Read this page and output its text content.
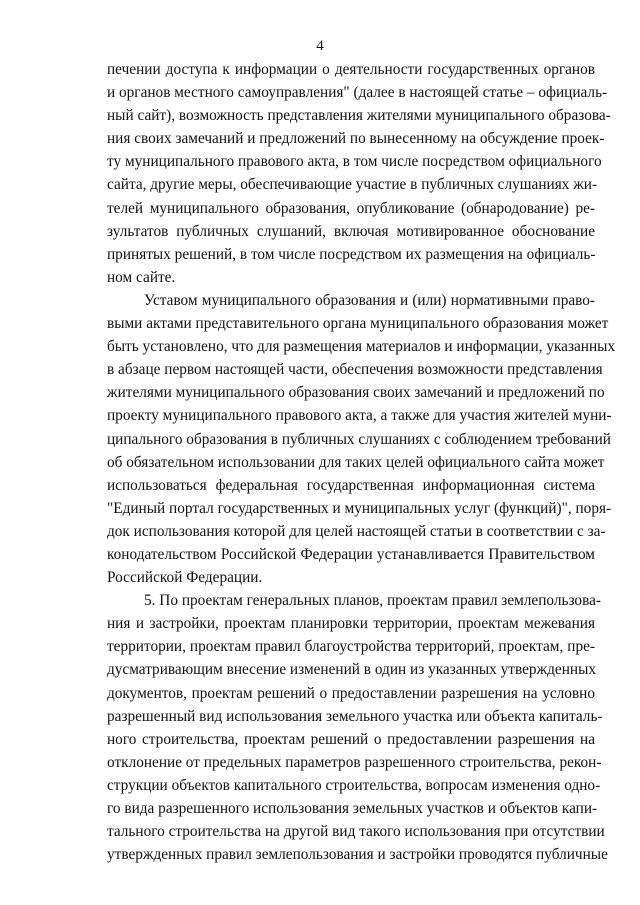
4
печении доступа к информации о деятельности государственных органов
и органов местного самоуправления" (далее в настоящей статье – официаль-
ный сайт), возможность представления жителями муниципального образова-
ния своих замечаний и предложений по вынесенному на обсуждение проек-
ту муниципального правового акта, в том числе посредством официального
сайта, другие меры, обеспечивающие участие в публичных слушаниях жи-
телей муниципального образования, опубликование (обнародование) ре-
зультатов публичных слушаний, включая мотивированное обоснование
принятых решений, в том числе посредством их размещения на официаль-
ном сайте.
Уставом муниципального образования и (или) нормативными право-
выми актами представительного органа муниципального образования может
быть установлено, что для размещения материалов и информации, указанных
в абзаце первом настоящей части, обеспечения возможности представления
жителями муниципального образования своих замечаний и предложений по
проекту муниципального правового акта, а также для участия жителей муни-
ципального образования в публичных слушаниях с соблюдением требований
об обязательном использовании для таких целей официального сайта может
использоваться федеральная государственная информационная система
"Единый портал государственных и муниципальных услуг (функций)", поря-
док использования которой для целей настоящей статьи в соответствии с за-
конодательством Российской Федерации устанавливается Правительством
Российской Федерации.
5. По проектам генеральных планов, проектам правил землепользова-
ния и застройки, проектам планировки территории, проектам межевания
территории, проектам правил благоустройства территорий, проектам, пре-
дусматривающим внесение изменений в один из указанных утвержденных
документов, проектам решений о предоставлении разрешения на условно
разрешенный вид использования земельного участка или объекта капиталь-
ного строительства, проектам решений о предоставлении разрешения на
отклонение от предельных параметров разрешенного строительства, рекон-
струкции объектов капитального строительства, вопросам изменения одно-
го вида разрешенного использования земельных участков и объектов капи-
тального строительства на другой вид такого использования при отсутствии
утвержденных правил землепользования и застройки проводятся публичные
